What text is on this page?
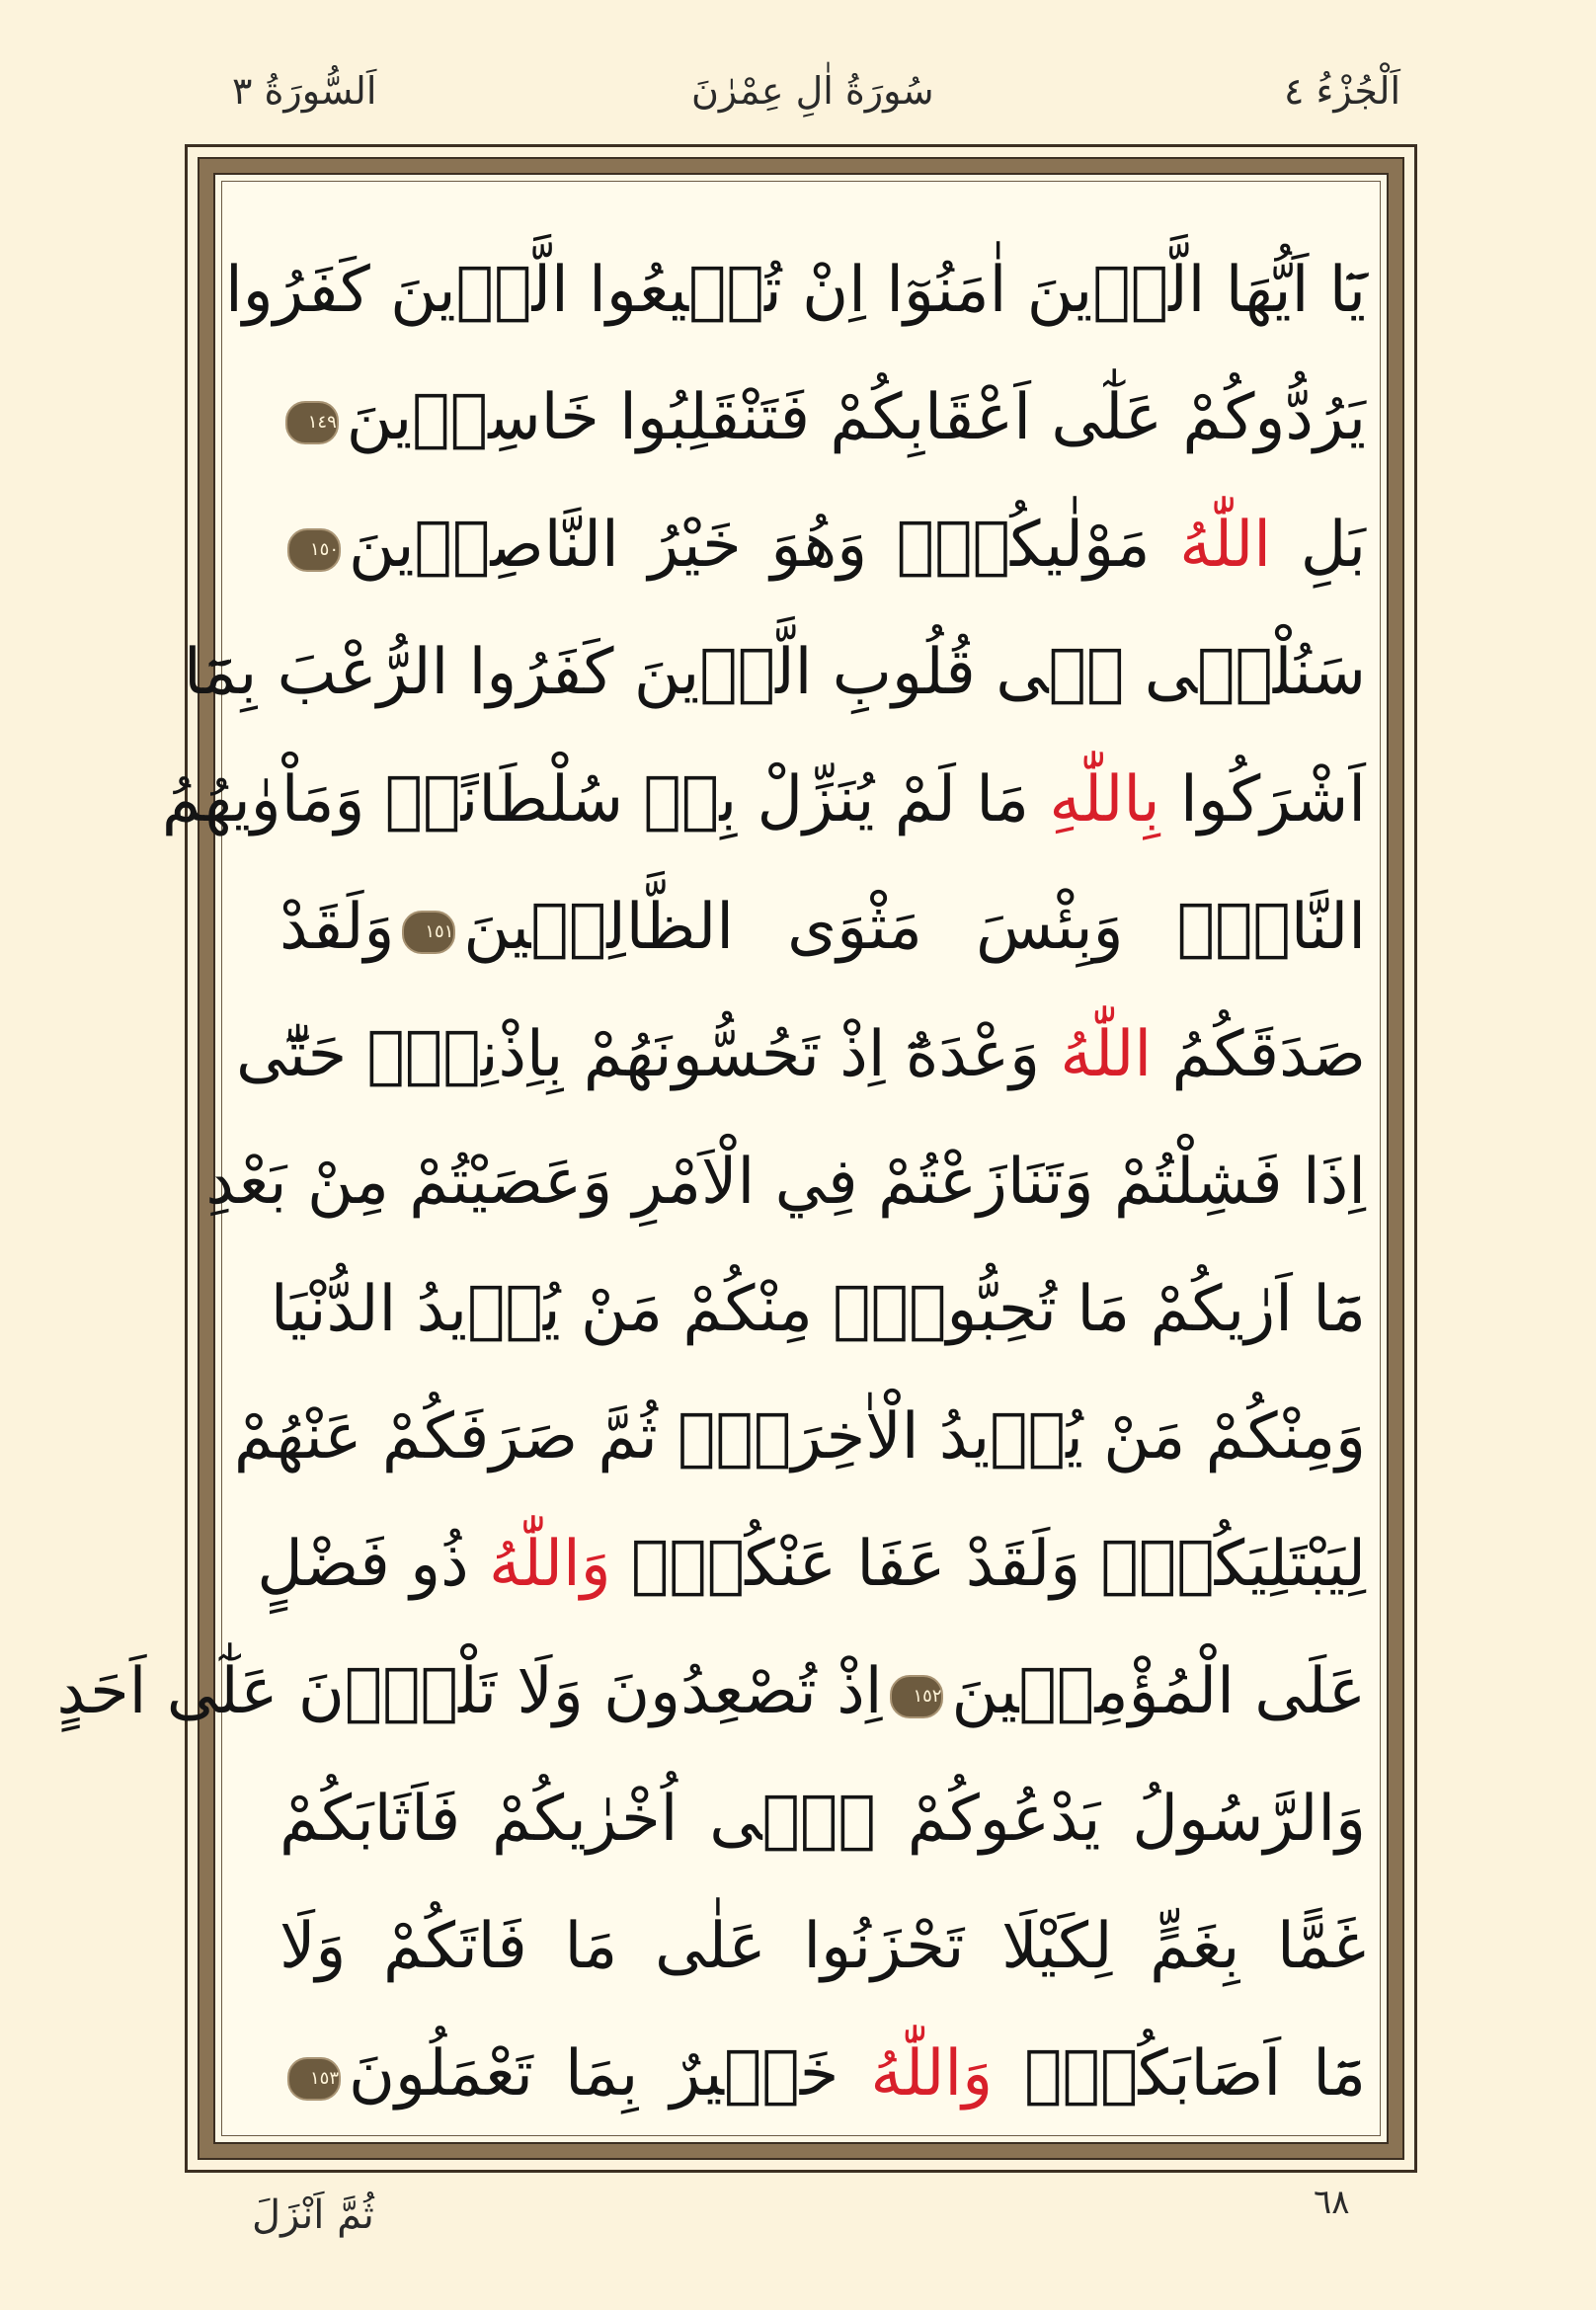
اَلْجُزْءُ ٤
سُورَةُ اٰلِ عِمْرٰنَ
اَلسُّورَةُ ٣
يَٓا اَيُّهَا الَّذ۪ينَ اٰمَنُوٓا اِنْ تُط۪يعُوا الَّذ۪ينَ كَفَرُوا
يَرُدُّوكُمْ عَلٰٓى اَعْقَابِكُمْ فَتَنْقَلِبُوا خَاسِر۪ينَ١٤٩
بَلِ اللّٰهُ مَوْلٰيكُمْۚ وَهُوَ خَيْرُ النَّاصِر۪ينَ١٥٠
سَنُلْق۪ى ف۪ى قُلُوبِ الَّذ۪ينَ كَفَرُوا الرُّعْبَ بِمَٓا
اَشْرَكُوا بِاللّٰهِ مَا لَمْ يُنَزِّلْ بِه۪ سُلْطَانًاۚ وَمَاْوٰيهُمُ
النَّارُۜ وَبِئْسَ مَثْوَى الظَّالِم۪ينَ١٥١وَلَقَدْ
صَدَقَكُمُ اللّٰهُ وَعْدَهُٓ اِذْ تَحُسُّونَهُمْ بِاِذْنِه۪ۚ حَتّٰٓى
اِذَا فَشِلْتُمْ وَتَنَازَعْتُمْ فِي الْاَمْرِ وَعَصَيْتُمْ مِنْ بَعْدِ
مَٓا اَرٰيكُمْ مَا تُحِبُّونَۜ مِنْكُمْ مَنْ يُر۪يدُ الدُّنْيَا
وَمِنْكُمْ مَنْ يُر۪يدُ الْاٰخِرَةَۚ ثُمَّ صَرَفَكُمْ عَنْهُمْ
لِيَبْتَلِيَكُمْۚ وَلَقَدْ عَفَا عَنْكُمْۜ وَاللّٰهُ ذُو فَضْلٍ
عَلَى الْمُؤْمِن۪ينَ١٥٢اِذْ تُصْعِدُونَ وَلَا تَلْوُ۫نَ عَلٰٓى اَحَدٍ
وَالرَّسُولُ يَدْعُوكُمْ ف۪ٓى اُخْرٰيكُمْ فَاَثَابَكُمْ
غَمًّا بِغَمٍّ لِكَيْلَا تَحْزَنُوا عَلٰى مَا فَاتَكُمْ وَلَا
مَٓا اَصَابَكُمْۜ وَاللّٰهُ خَب۪يرٌ بِمَا تَعْمَلُونَ١٥٣
٦٨
ثُمَّ اَنْزَلَ
